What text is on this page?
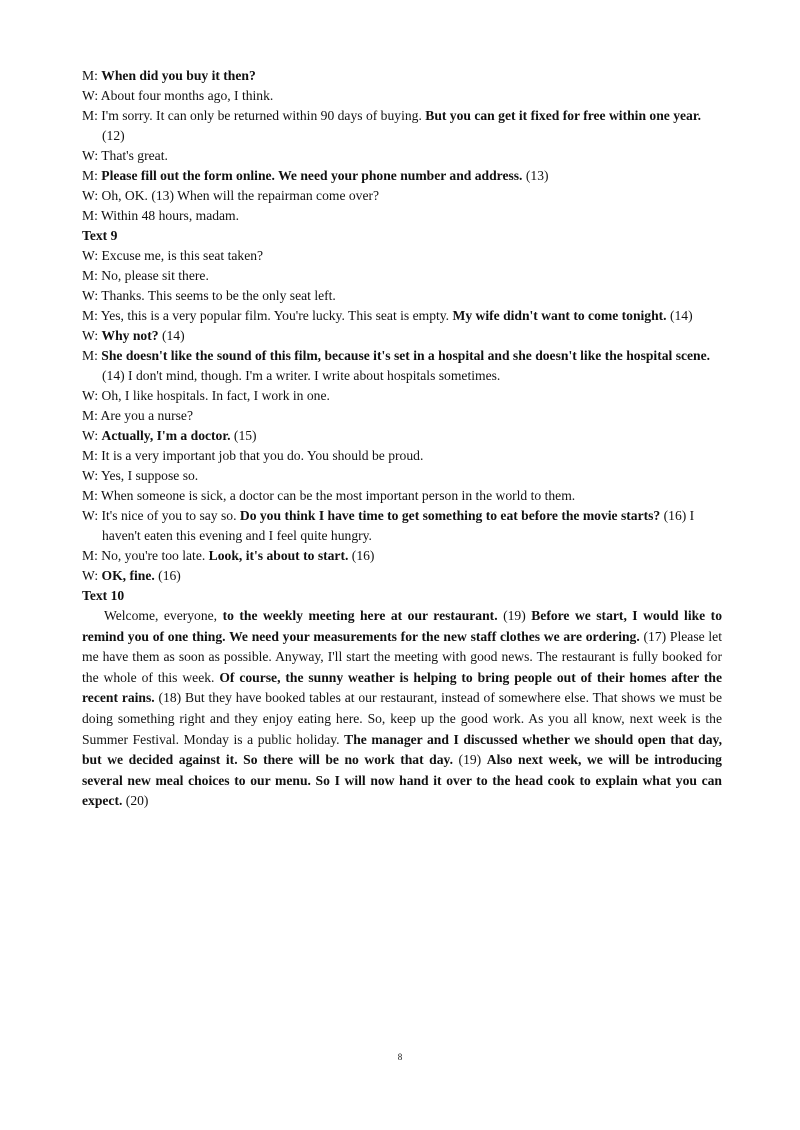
M: When did you buy it then?

W: About four months ago, I think.

M: I'm sorry. It can only be returned within 90 days of buying. But you can get it fixed for free within one year. (12)

W: That's great.

M: Please fill out the form online. We need your phone number and address. (13)

W: Oh, OK. (13) When will the repairman come over?

M: Within 48 hours, madam.

Text 9

W: Excuse me, is this seat taken?

M: No, please sit there.

W: Thanks. This seems to be the only seat left.

M: Yes, this is a very popular film. You're lucky. This seat is empty. My wife didn't want to come tonight. (14)

W: Why not? (14)

M: She doesn't like the sound of this film, because it's set in a hospital and she doesn't like the hospital scene. (14) I don't mind, though. I'm a writer. I write about hospitals sometimes.

W: Oh, I like hospitals. In fact, I work in one.

M: Are you a nurse?

W: Actually, I'm a doctor. (15)

M: It is a very important job that you do. You should be proud.

W: Yes, I suppose so.

M: When someone is sick, a doctor can be the most important person in the world to them.

W: It's nice of you to say so. Do you think I have time to get something to eat before the movie starts? (16) I haven't eaten this evening and I feel quite hungry.

M: No, you're too late. Look, it's about to start. (16)

W: OK, fine. (16)

Text 10

Welcome, everyone, to the weekly meeting here at our restaurant. (19) Before we start, I would like to remind you of one thing. We need your measurements for the new staff clothes we are ordering. (17) Please let me have them as soon as possible. Anyway, I'll start the meeting with good news. The restaurant is fully booked for the whole of this week. Of course, the sunny weather is helping to bring people out of their homes after the recent rains. (18) But they have booked tables at our restaurant, instead of somewhere else. That shows we must be doing something right and they enjoy eating here. So, keep up the good work. As you all know, next week is the Summer Festival. Monday is a public holiday. The manager and I discussed whether we should open that day, but we decided against it. So there will be no work that day. (19) Also next week, we will be introducing several new meal choices to our menu. So I will now hand it over to the head cook to explain what you can expect. (20)

8
